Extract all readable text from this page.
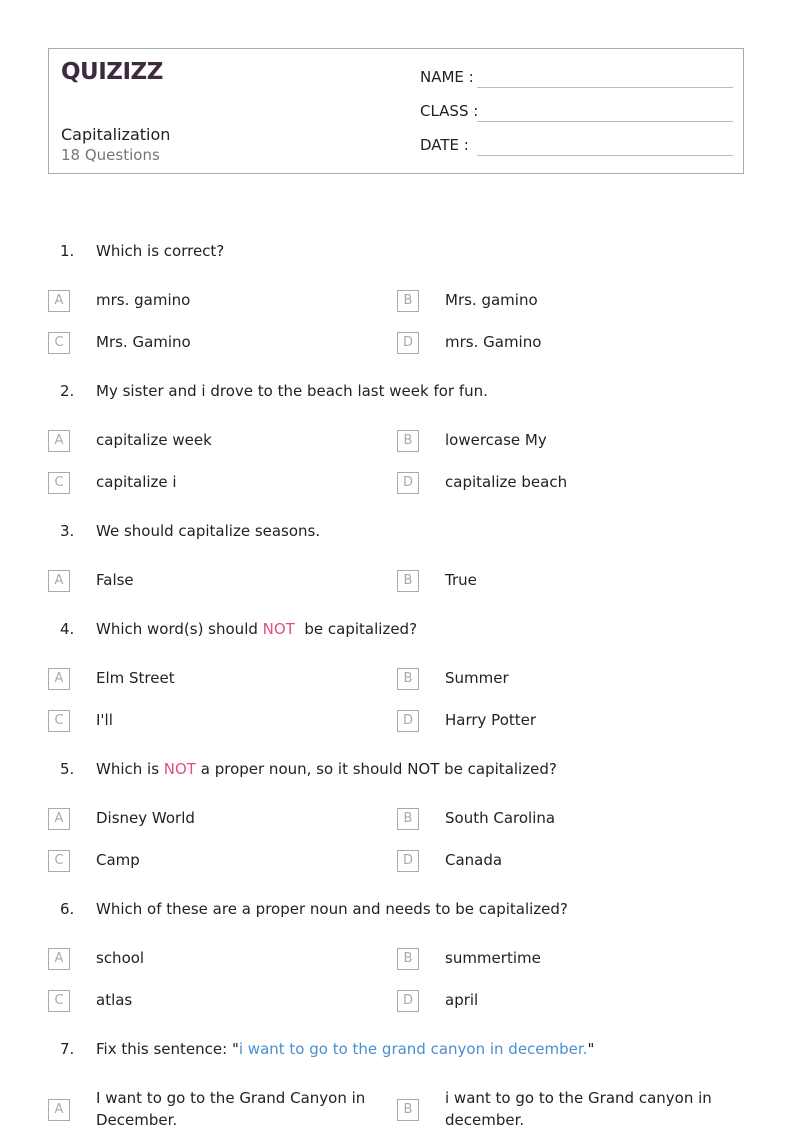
QUIZIZZ
Capitalization
18 Questions
NAME :
CLASS :
DATE :
1.	Which is correct?
A	mrs. gamino	B	Mrs. gamino
C	Mrs. Gamino	D	mrs. Gamino
2.	My sister and i drove to the beach last week for fun.
A	capitalize week	B	lowercase My
C	capitalize i	D	capitalize beach
3.	We should capitalize seasons.
A	False	B	True
4.	Which word(s) should NOT  be capitalized?
A	Elm Street	B	Summer
C	I'll	D	Harry Potter
5.	Which is NOT a proper noun, so it should NOT be capitalized?
A	Disney World	B	South Carolina
C	Camp	D	Canada
6.	Which of these are a proper noun and needs to be capitalized?
A	school	B	summertime
C	atlas	D	april
7.	Fix this sentence: "i want to go to the grand canyon in december."
A
I want to go to the Grand Canyon in December.
B
i want to go to the Grand canyon in december.
